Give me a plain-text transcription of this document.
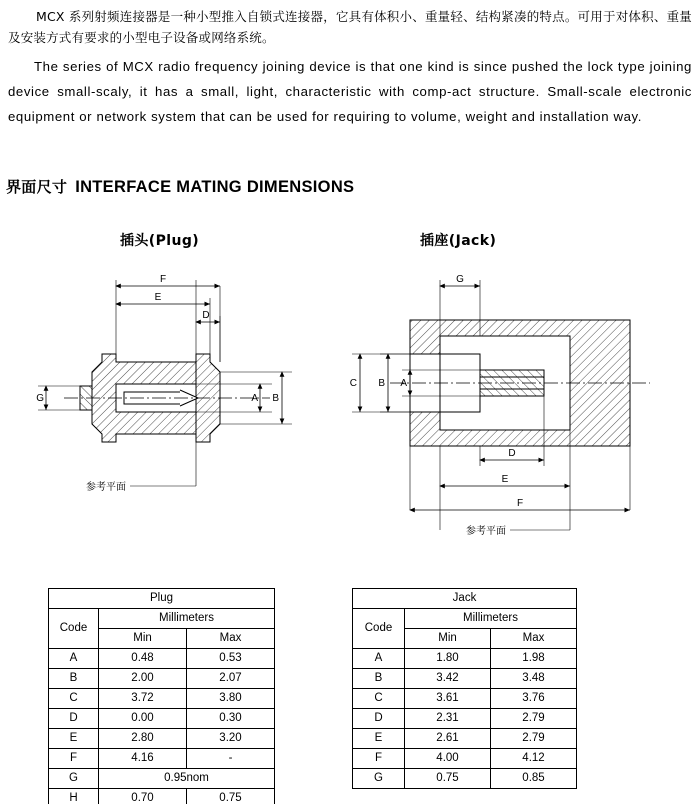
MCX 系列射频连接器是一种小型推入自锁式连接器，它具有体积小、重量轻、结构紧凑的特点。可用于对体积、重量及安装方式有要求的小型电子设备或网络系统。
The series of MCX radio frequency joining device is that one kind is since pushed the lock type joining device small-scaly, it has a small, light, characteristic with comp-act structure. Small-scale electronic equipment or network system that can be used for requiring to volume, weight and installation way.
界面尺寸 INTERFACE MATING DIMENSIONS
插头(Plug)	插座(Jack)
F
E
D
A B
G
参考平面
G
C B A
D
E
F
参考平面
Plug		
Code	Millimeters	
	Min	Max
A	0.48	0.53
B	2.00	2.07
C	3.72	3.80
D	0.00	0.30
E	2.80	3.20
F	4.16	-
G	0.95nom	
H	0.70	0.75
Jack		
Code	Millimeters	
	Min	Max
A	1.80	1.98
B	3.42	3.48
C	3.61	3.76
D	2.31	2.79
E	2.61	2.79
F	4.00	4.12
G	0.75	0.85
